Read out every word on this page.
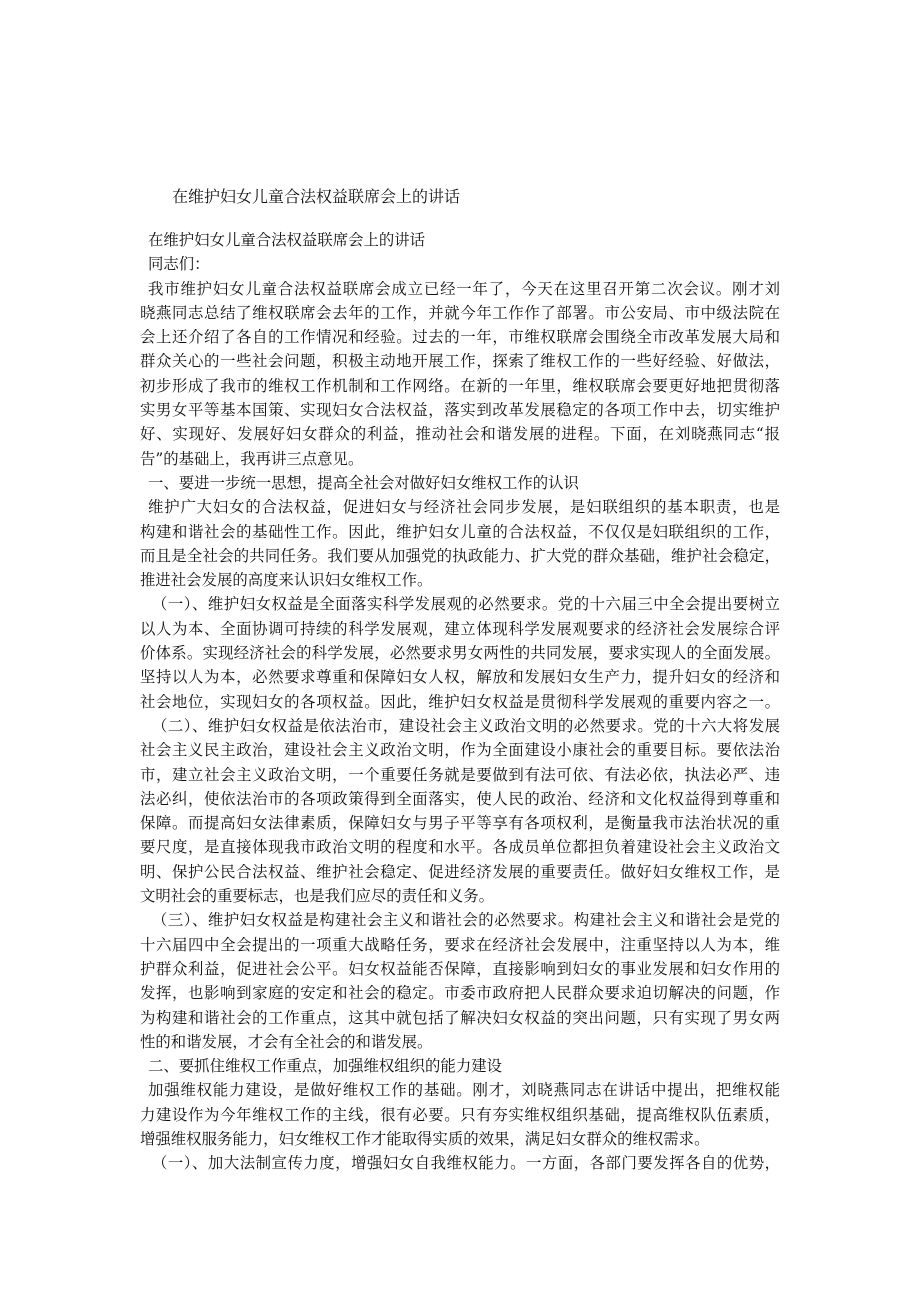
在维护妇女儿童合法权益联席会上的讲话
在维护妇女儿童合法权益联席会上的讲话
同志们：
我市维护妇女儿童合法权益联席会成立已经一年了，今天在这里召开第二次会议。刚才刘
晓燕同志总结了维权联席会去年的工作，并就今年工作作了部署。市公安局、市中级法院在
会上还介绍了各自的工作情况和经验。过去的一年，市维权联席会围绕全市改革发展大局和
群众关心的一些社会问题，积极主动地开展工作，探索了维权工作的一些好经验、好做法，
初步形成了我市的维权工作机制和工作网络。在新的一年里，维权联席会要更好地把贯彻落
实男女平等基本国策、实现妇女合法权益，落实到改革发展稳定的各项工作中去，切实维护
好、实现好、发展好妇女群众的利益，推动社会和谐发展的进程。下面，在刘晓燕同志“报
告”的基础上，我再讲三点意见。
一、要进一步统一思想，提高全社会对做好妇女维权工作的认识
维护广大妇女的合法权益，促进妇女与经济社会同步发展，是妇联组织的基本职责，也是
构建和谐社会的基础性工作。因此，维护妇女儿童的合法权益，不仅仅是妇联组织的工作，
而且是全社会的共同任务。我们要从加强党的执政能力、扩大党的群众基础，维护社会稳定，
推进社会发展的高度来认识妇女维权工作。
（一）、维护妇女权益是全面落实科学发展观的必然要求。党的十六届三中全会提出要树立
以人为本、全面协调可持续的科学发展观，建立体现科学发展观要求的经济社会发展综合评
价体系。实现经济社会的科学发展，必然要求男女两性的共同发展，要求实现人的全面发展。
坚持以人为本，必然要求尊重和保障妇女人权，解放和发展妇女生产力，提升妇女的经济和
社会地位，实现妇女的各项权益。因此，维护妇女权益是贯彻科学发展观的重要内容之一。
（二）、维护妇女权益是依法治市，建设社会主义政治文明的必然要求。党的十六大将发展
社会主义民主政治，建设社会主义政治文明，作为全面建设小康社会的重要目标。要依法治
市，建立社会主义政治文明，一个重要任务就是要做到有法可依、有法必依，执法必严、违
法必纠，使依法治市的各项政策得到全面落实，使人民的政治、经济和文化权益得到尊重和
保障。而提高妇女法律素质，保障妇女与男子平等享有各项权利，是衡量我市法治状况的重
要尺度，是直接体现我市政治文明的程度和水平。各成员单位都担负着建设社会主义政治文
明、保护公民合法权益、维护社会稳定、促进经济发展的重要责任。做好妇女维权工作，是
文明社会的重要标志，也是我们应尽的责任和义务。
（三）、维护妇女权益是构建社会主义和谐社会的必然要求。构建社会主义和谐社会是党的
十六届四中全会提出的一项重大战略任务，要求在经济社会发展中，注重坚持以人为本，维
护群众利益，促进社会公平。妇女权益能否保障，直接影响到妇女的事业发展和妇女作用的
发挥，也影响到家庭的安定和社会的稳定。市委市政府把人民群众要求迫切解决的问题，作
为构建和谐社会的工作重点，这其中就包括了解决妇女权益的突出问题，只有实现了男女两
性的和谐发展，才会有全社会的和谐发展。
二、要抓住维权工作重点，加强维权组织的能力建设
加强维权能力建设，是做好维权工作的基础。刚才，刘晓燕同志在讲话中提出，把维权能
力建设作为今年维权工作的主线，很有必要。只有夯实维权组织基础，提高维权队伍素质，
增强维权服务能力，妇女维权工作才能取得实质的效果，满足妇女群众的维权需求。
（一）、加大法制宣传力度，增强妇女自我维权能力。一方面，各部门要发挥各自的优势，
